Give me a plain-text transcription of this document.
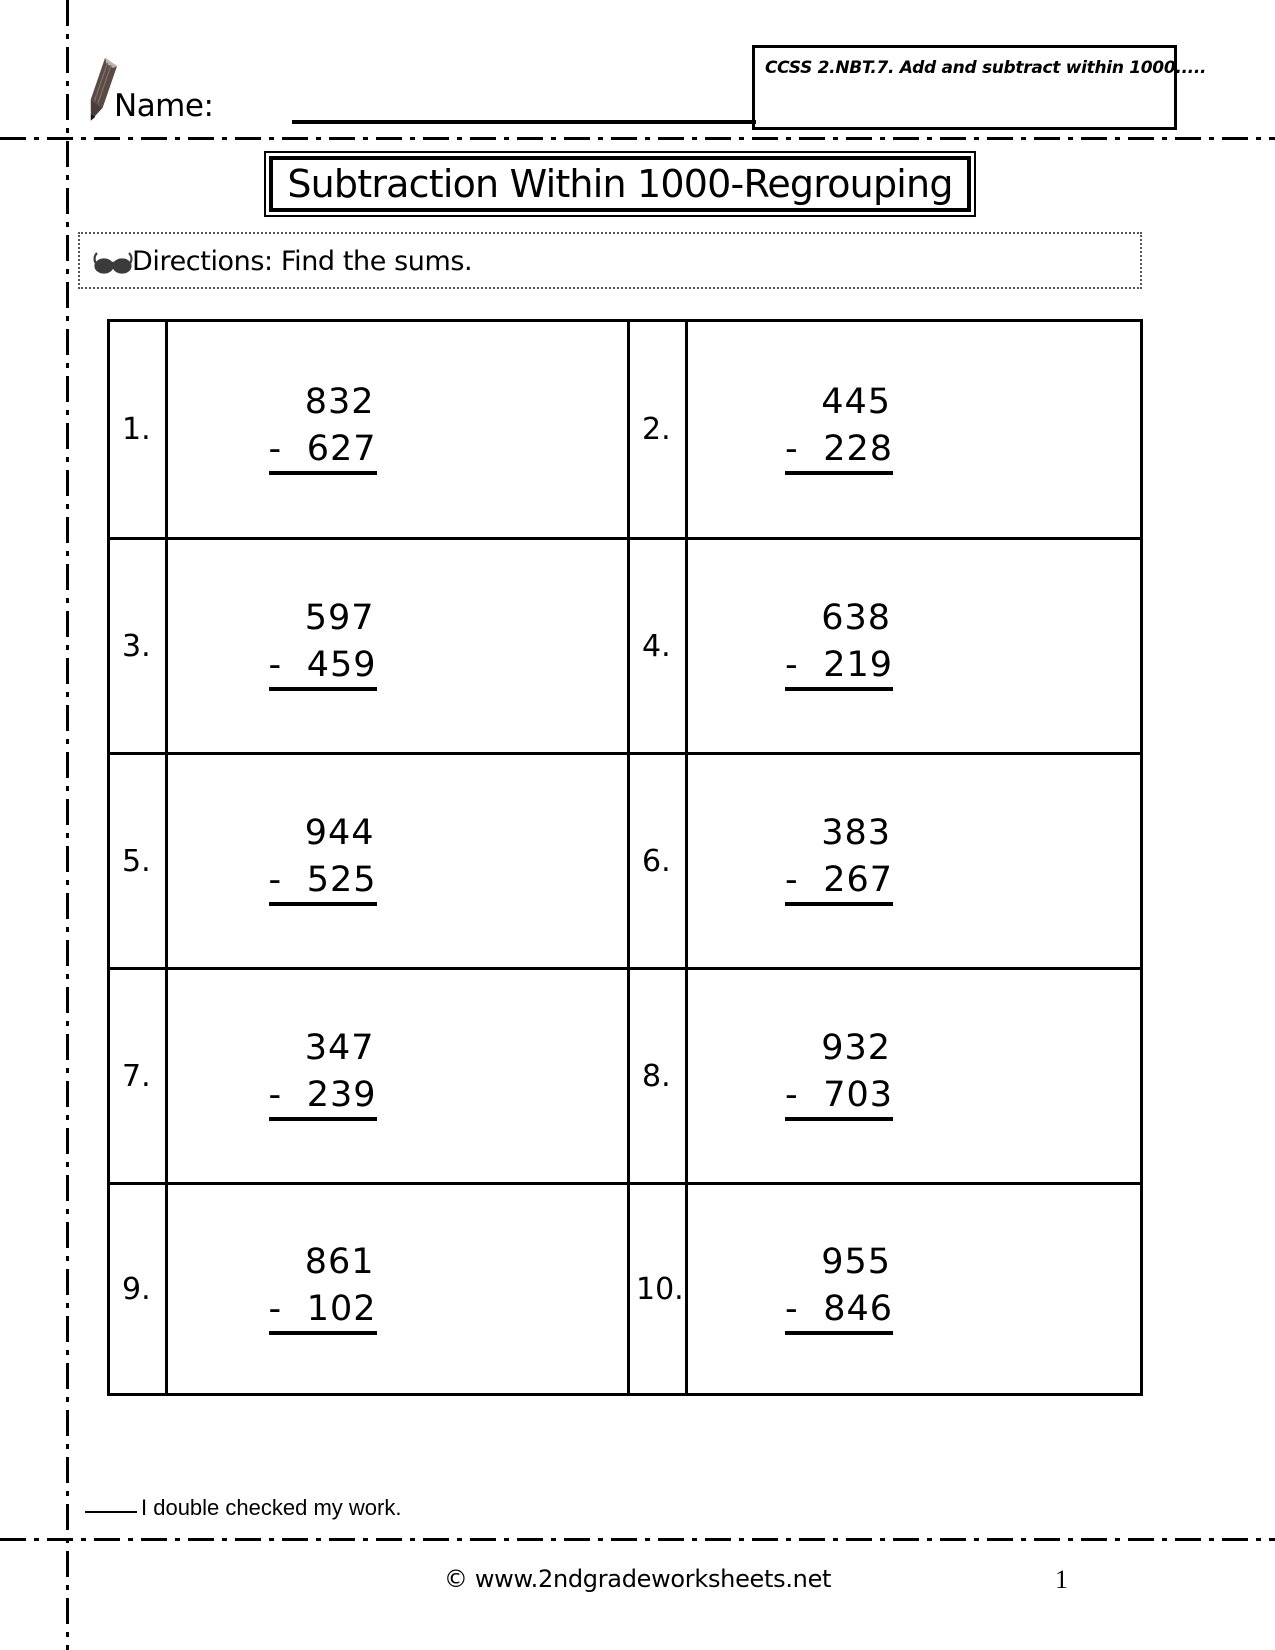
Name:
CCSS 2.NBT.7. Add and subtract within 1000.....
Subtraction Within 1000-Regrouping
Directions: Find the sums.
1.
832
- 627	2.
445
- 228
3.
597
- 459	4.
638
- 219
5.
944
- 525	6.
383
- 267
7.
347
- 239	8.
932
- 703
9.
861
- 102	10.
955
- 846
I double checked my work.
© www.2ndgradeworksheets.net	1
